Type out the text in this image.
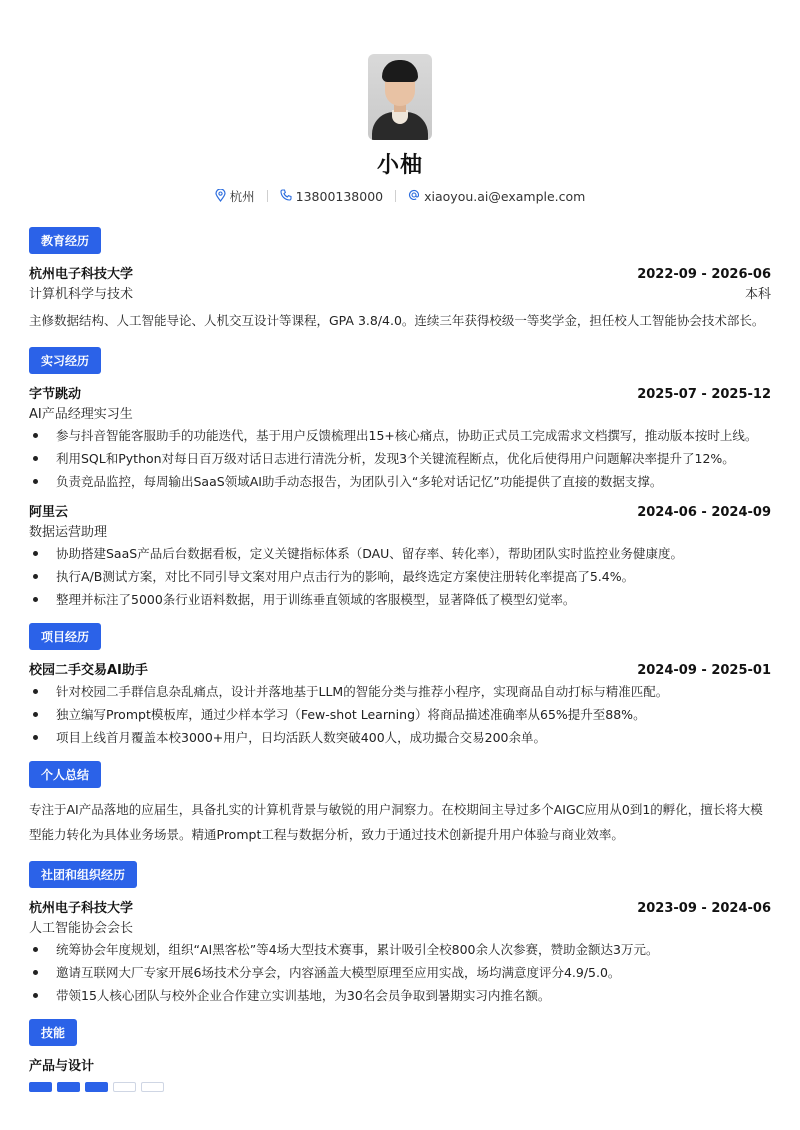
小柚
杭州	13800138000	xiaoyou.ai@example.com
教育经历
杭州电子科技大学	2022-09 - 2026-06
计算机科学与技术	本科
主修数据结构、人工智能导论、人机交互设计等课程，GPA 3.8/4.0。连续三年获得校级一等奖学金，担任校人工智能协会技术部长。
实习经历
字节跳动	2025-07 - 2025-12
AI产品经理实习生
参与抖音智能客服助手的功能迭代，基于用户反馈梳理出15+核心痛点，协助正式员工完成需求文档撰写，推动版本按时上线。
利用SQL和Python对每日百万级对话日志进行清洗分析，发现3个关键流程断点，优化后使得用户问题解决率提升了12%。
负责竞品监控，每周输出SaaS领域AI助手动态报告，为团队引入“多轮对话记忆”功能提供了直接的数据支撑。
阿里云	2024-06 - 2024-09
数据运营助理
协助搭建SaaS产品后台数据看板，定义关键指标体系（DAU、留存率、转化率），帮助团队实时监控业务健康度。
执行A/B测试方案，对比不同引导文案对用户点击行为的影响，最终选定方案使注册转化率提高了5.4%。
整理并标注了5000条行业语料数据，用于训练垂直领域的客服模型，显著降低了模型幻觉率。
项目经历
校园二手交易AI助手	2024-09 - 2025-01
针对校园二手群信息杂乱痛点，设计并落地基于LLM的智能分类与推荐小程序，实现商品自动打标与精准匹配。
独立编写Prompt模板库，通过少样本学习（Few-shot Learning）将商品描述准确率从65%提升至88%。
项目上线首月覆盖本校3000+用户，日均活跃人数突破400人，成功撮合交易200余单。
个人总结
专注于AI产品落地的应届生，具备扎实的计算机背景与敏锐的用户洞察力。在校期间主导过多个AIGC应用从0到1的孵化，擅长将大模型能力转化为具体业务场景。精通Prompt工程与数据分析，致力于通过技术创新提升用户体验与商业效率。
社团和组织经历
杭州电子科技大学	2023-09 - 2024-06
人工智能协会会长
统筹协会年度规划，组织“AI黑客松”等4场大型技术赛事，累计吸引全校800余人次参赛，赞助金额达3万元。
邀请互联网大厂专家开展6场技术分享会，内容涵盖大模型原理至应用实战，场均满意度评分4.9/5.0。
带领15人核心团队与校外企业合作建立实训基地，为30名会员争取到暑期实习内推名额。
技能
产品与设计
